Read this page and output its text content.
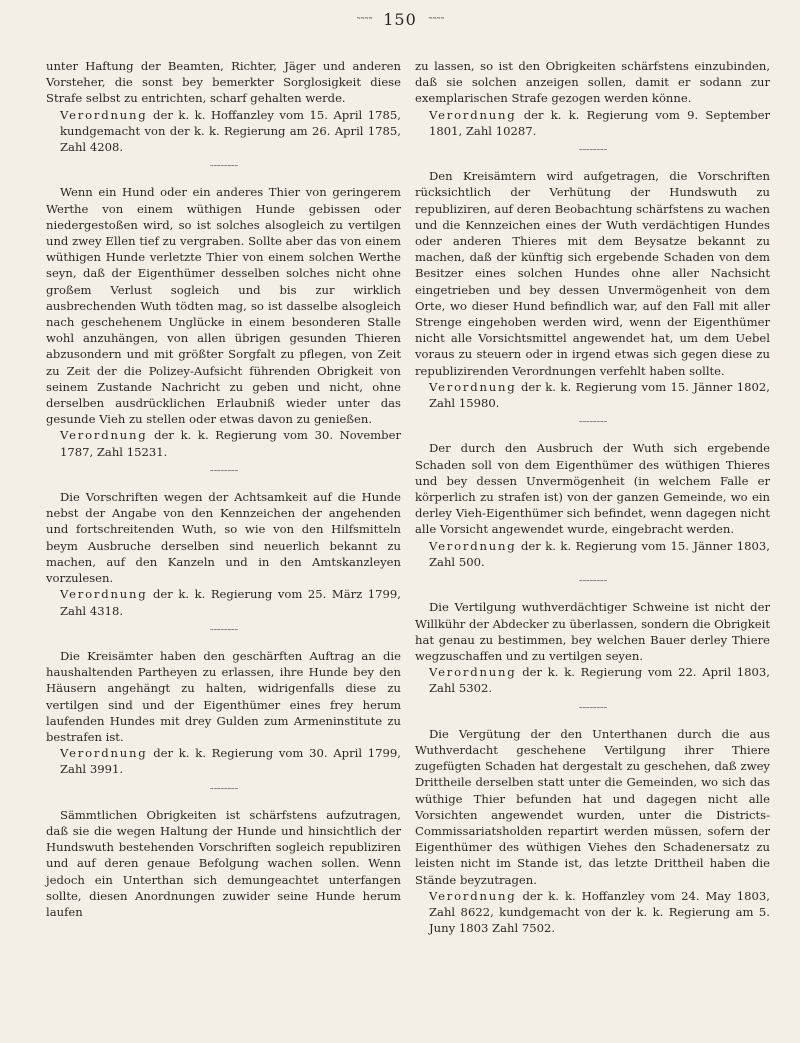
˜˜˜˜ 150 ˜˜˜˜

unter Haftung der Beamten, Richter, Jäger und anderen Vorsteher, die sonst bey bemerkter Sorglosigkeit diese Strafe selbst zu entrichten, scharf gehalten werde.

Verordnung der k. k. Hoffanzley vom 15. April 1785, kundgemacht von der k. k. Regierung am 26. April 1785, Zahl 4208.

˜˜˜˜˜˜˜˜

Wenn ein Hund oder ein anderes Thier von geringerem Werthe von einem wüthigen Hunde gebissen oder niedergestoßen wird, so ist solches alsogleich zu vertilgen und zwey Ellen tief zu vergraben. Sollte aber das von einem wüthigen Hunde verletzte Thier von einem solchen Werthe seyn, daß der Eigenthümer desselben solches nicht ohne großem Verlust sogleich und bis zur wirklich ausbrechenden Wuth tödten mag, so ist dasselbe alsogleich nach geschehenem Unglücke in einem besonderen Stalle wohl anzuhängen, von allen übrigen gesunden Thieren abzusondern und mit größter Sorgfalt zu pflegen, von Zeit zu Zeit der die Polizey-Aufsicht führenden Obrigkeit von seinem Zustande Nachricht zu geben und nicht, ohne derselben ausdrücklichen Erlaubniß wieder unter das gesunde Vieh zu stellen oder etwas davon zu genießen.

Verordnung der k. k. Regierung vom 30. November 1787, Zahl 15231.

˜˜˜˜˜˜˜˜

Die Vorschriften wegen der Achtsamkeit auf die Hunde nebst der Angabe von den Kennzeichen der angehenden und fortschreitenden Wuth, so wie von den Hilfsmitteln beym Ausbruche derselben sind neuerlich bekannt zu machen, auf den Kanzeln und in den Amtskanzleyen vorzulesen.

Verordnung der k. k. Regierung vom 25. März 1799, Zahl 4318.

˜˜˜˜˜˜˜˜

Die Kreisämter haben den geschärften Auftrag an die haushaltenden Partheyen zu erlassen, ihre Hunde bey den Häusern angehängt zu halten, widrigenfalls diese zu vertilgen sind und der Eigenthümer eines frey herum laufenden Hundes mit drey Gulden zum Armeninstitute zu bestrafen ist.

Verordnung der k. k. Regierung vom 30. April 1799, Zahl 3991.

˜˜˜˜˜˜˜˜

Sämmtlichen Obrigkeiten ist schärfstens aufzutragen, daß sie die wegen Haltung der Hunde und hinsichtlich der Hundswuth bestehenden Vorschriften sogleich republiziren und auf deren genaue Befolgung wachen sollen. Wenn jedoch ein Unterthan sich demungeachtet unterfangen sollte, diesen Anordnungen zuwider seine Hunde herum laufen

zu lassen, so ist den Obrigkeiten schärfstens einzubinden, daß sie solchen anzeigen sollen, damit er sodann zur exemplarischen Strafe gezogen werden könne.

Verordnung der k. k. Regierung vom 9. September 1801, Zahl 10287.

˜˜˜˜˜˜˜˜

Den Kreisämtern wird aufgetragen, die Vorschriften rücksichtlich der Verhütung der Hundswuth zu republiziren, auf deren Beobachtung schärfstens zu wachen und die Kennzeichen eines der Wuth verdächtigen Hundes oder anderen Thieres mit dem Beysatze bekannt zu machen, daß der künftig sich ergebende Schaden von dem Besitzer eines solchen Hundes ohne aller Nachsicht eingetrieben und bey dessen Unvermögenheit von dem Orte, wo dieser Hund befindlich war, auf den Fall mit aller Strenge eingehoben werden wird, wenn der Eigenthümer nicht alle Vorsichtsmittel angewendet hat, um dem Uebel voraus zu steuern oder in irgend etwas sich gegen diese zu republizirenden Verordnungen verfehlt haben sollte.

Verordnung der k. k. Regierung vom 15. Jänner 1802, Zahl 15980.

˜˜˜˜˜˜˜˜

Der durch den Ausbruch der Wuth sich ergebende Schaden soll von dem Eigenthümer des wüthigen Thieres und bey dessen Unvermögenheit (in welchem Falle er körperlich zu strafen ist) von der ganzen Gemeinde, wo ein derley Vieh-Eigenthümer sich befindet, wenn dagegen nicht alle Vorsicht angewendet wurde, eingebracht werden.

Verordnung der k. k. Regierung vom 15. Jänner 1803, Zahl 500.

˜˜˜˜˜˜˜˜

Die Vertilgung wuthverdächtiger Schweine ist nicht der Willkühr der Abdecker zu überlassen, sondern die Obrigkeit hat genau zu bestimmen, bey welchen Bauer derley Thiere wegzuschaffen und zu vertilgen seyen.

Verordnung der k. k. Regierung vom 22. April 1803, Zahl 5302.

˜˜˜˜˜˜˜˜

Die Vergütung der den Unterthanen durch die aus Wuthverdacht geschehene Vertilgung ihrer Thiere zugefügten Schaden hat dergestalt zu geschehen, daß zwey Drittheile derselben statt unter die Gemeinden, wo sich das wüthige Thier befunden hat und dagegen nicht alle Vorsichten angewendet wurden, unter die Districts-Commissariatsholden repartirt werden müssen, sofern der Eigenthümer des wüthigen Viehes den Schadenersatz zu leisten nicht im Stande ist, das letzte Drittheil haben die Stände beyzutragen.

Verordnung der k. k. Hoffanzley vom 24. May 1803, Zahl 8622, kundgemacht von der k. k. Regierung am 5. Juny 1803 Zahl 7502.
